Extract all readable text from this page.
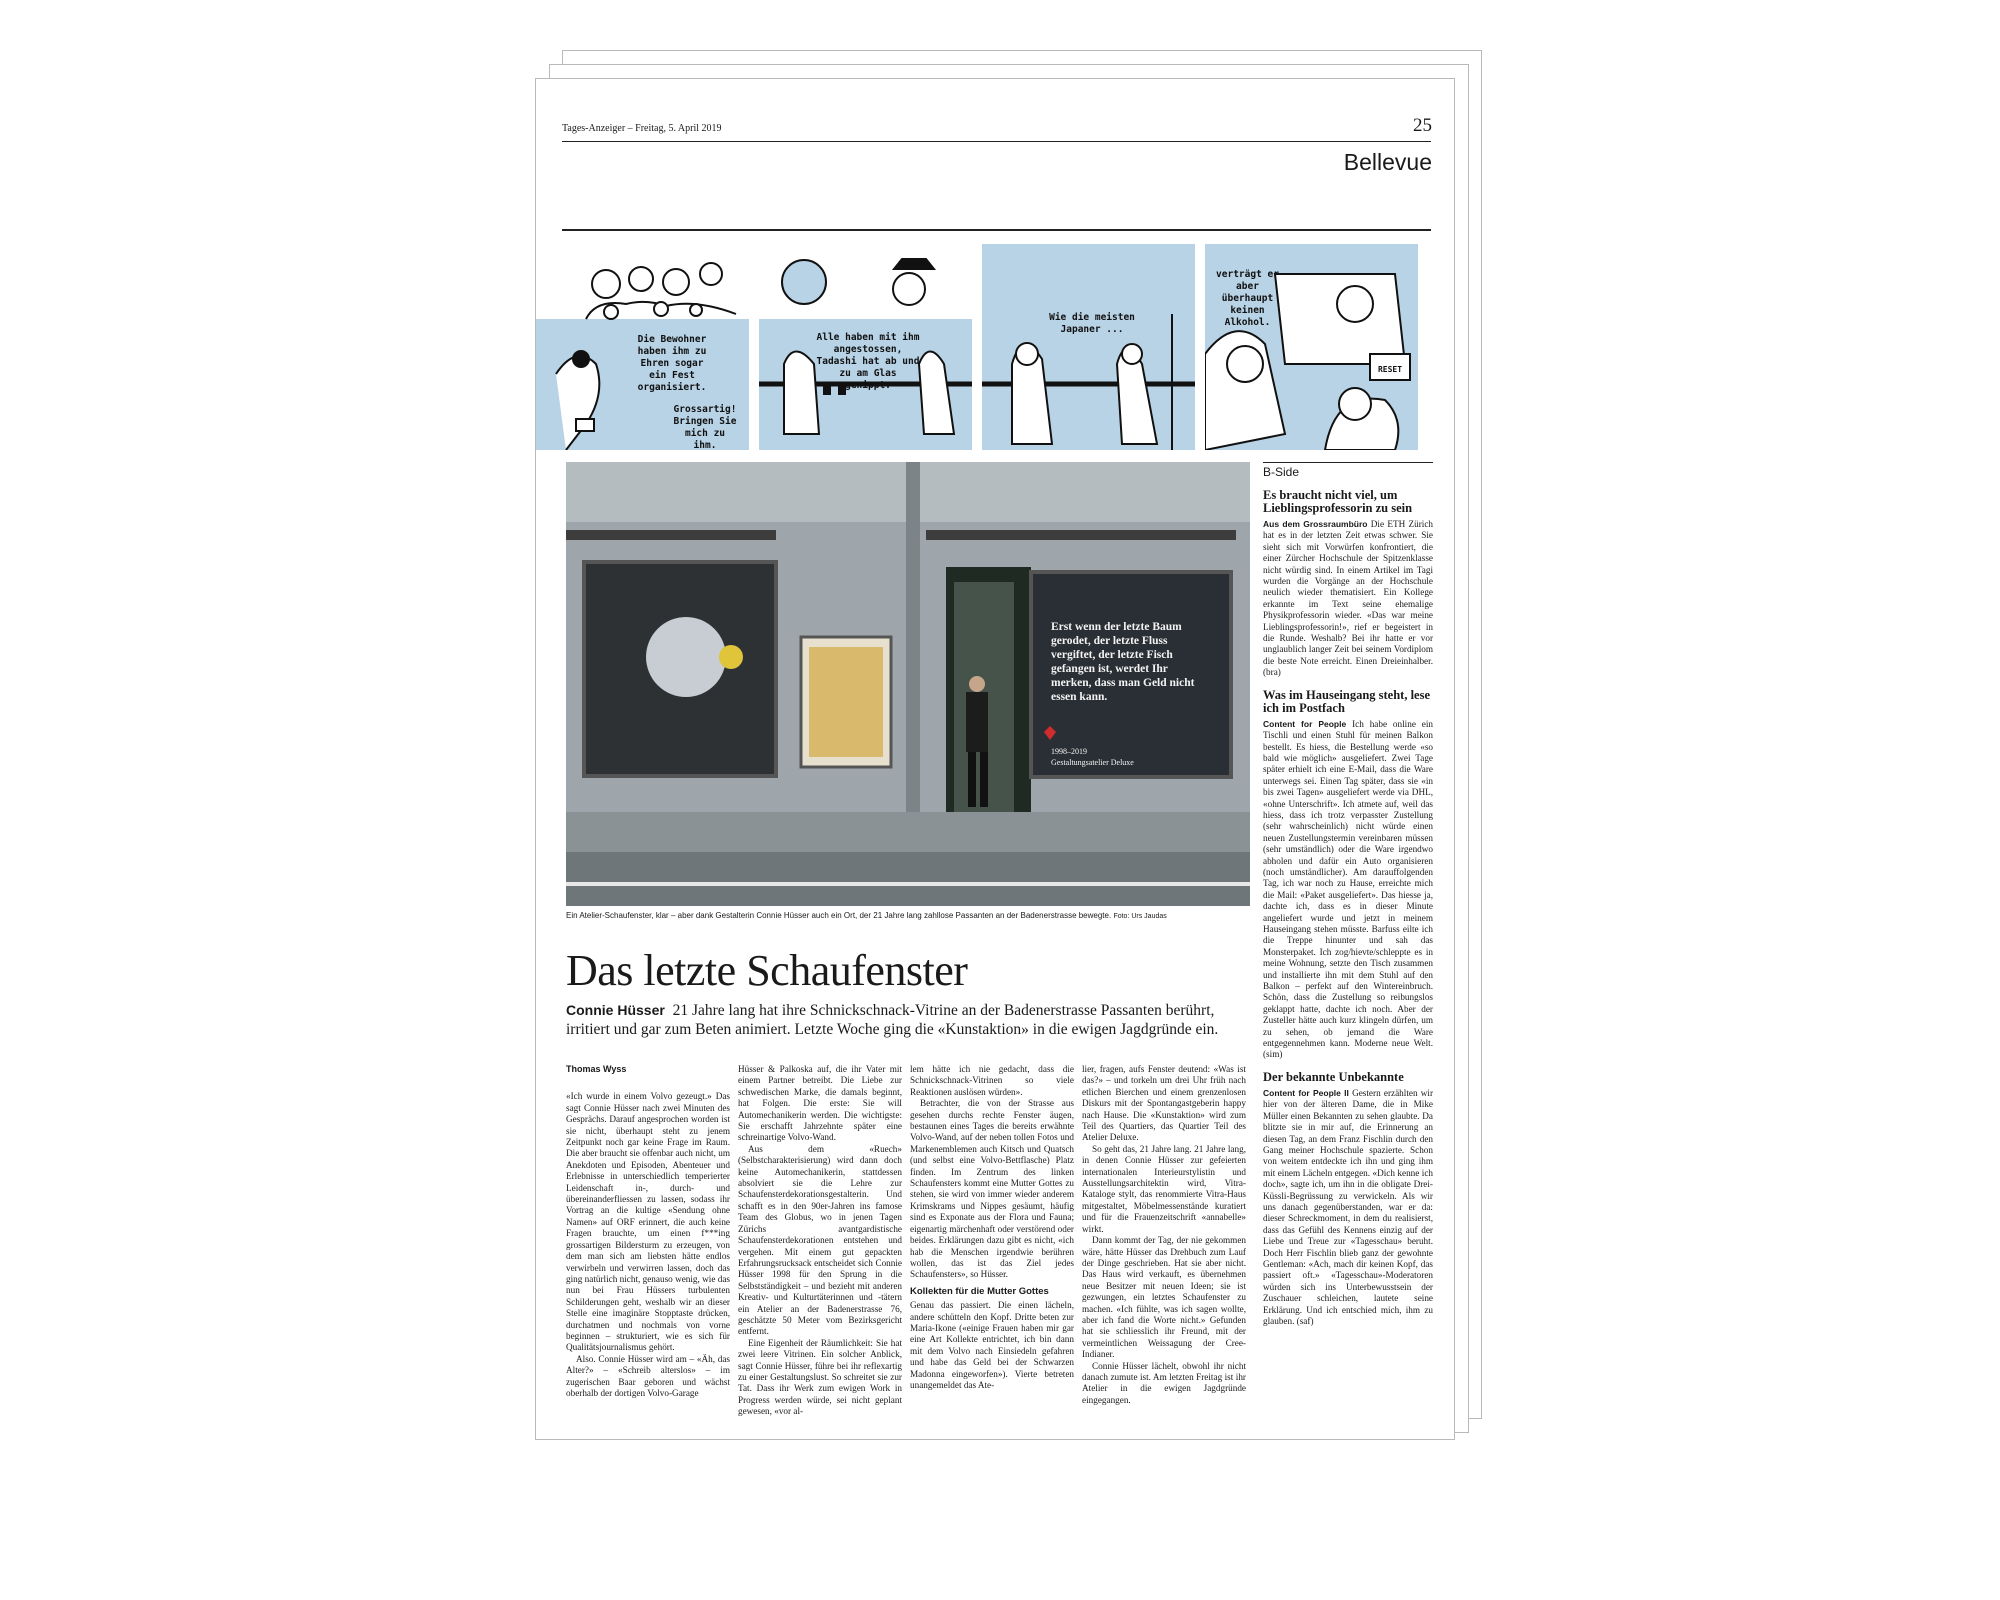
Tages-Anzeiger – Freitag, 5. April 2019	25
Bellevue
Die Bewohner haben ihm zu Ehren sogar ein Fest organisiert.
Grossartig! Bringen Sie mich zu ihm.
Alle haben mit ihm angestossen, Tadashi hat ab und zu am Glas genippt.
Wie die meisten Japaner ...
verträgt er aber überhaupt keinen Alkohol.
RESET
Erst wenn der letzte Baum gerodet, der letzte Fluss vergiftet, der letzte Fisch gefangen ist, werdet Ihr merken, dass man Geld nicht essen kann.
1998–2019
Gestaltungsatelier Deluxe
Ein Atelier-Schaufenster, klar – aber dank Gestalterin Connie Hüsser auch ein Ort, der 21 Jahre lang zahllose Passanten an der Badenerstrasse bewegte. Foto: Urs Jaudas
Das letzte Schaufenster
Connie Hüsser 21 Jahre lang hat ihre Schnickschnack-Vitrine an der Badenerstrasse Passanten berührt, irritiert und gar zum Beten animiert. Letzte Woche ging die «Kunstaktion» in die ewigen Jagdgründe ein.

Thomas Wyss

«Ich wurde in einem Volvo gezeugt.» Das sagt Connie Hüsser nach zwei Minuten des Gesprächs. Darauf angesprochen worden ist sie nicht, überhaupt steht zu jenem Zeitpunkt noch gar keine Frage im Raum. Die aber braucht sie offenbar auch nicht, um Anekdoten und Episoden, Abenteuer und Erlebnisse in unterschiedlich temperierter Leidenschaft in-, durch- und übereinanderfliessen zu lassen, sodass ihr Vortrag an die kultige «Sendung ohne Namen» auf ORF erinnert, die auch keine Fragen brauchte, um einen f***ing grossartigen Bildersturm zu erzeugen, von dem man sich am liebsten hätte endlos verwirbeln und verwirren lassen, doch das ging natürlich nicht, genauso wenig, wie das nun bei Frau Hüssers turbulenten Schilderungen geht, weshalb wir an dieser Stelle eine imaginäre Stopptaste drücken, durchatmen und nochmals von vorne beginnen – strukturiert, wie es sich für Qualitätsjournalismus gehört.

Also. Connie Hüsser wird am – «Äh, das Alter?» – «Schreib alterslos» – im zugerischen Baar geboren und wächst oberhalb der dortigen Volvo-Garage

Hüsser & Palkoska auf, die ihr Vater mit einem Partner betreibt. Die Liebe zur schwedischen Marke, die damals beginnt, hat Folgen. Die erste: Sie will Automechanikerin werden. Die wichtigste: Sie erschafft Jahrzehnte später eine schreinartige Volvo-Wand.

Aus dem «Ruech» (Selbstcharakterisierung) wird dann doch keine Automechanikerin, stattdessen absolviert sie die Lehre zur Schaufensterdekorationsgestalterin. Und schafft es in den 90er-Jahren ins famose Team des Globus, wo in jenen Tagen Zürichs avantgardistische Schaufensterdekorationen entstehen und vergehen. Mit einem gut gepackten Erfahrungsrucksack entscheidet sich Connie Hüsser 1998 für den Sprung in die Selbstständigkeit – und bezieht mit anderen Kreativ- und Kulturtäterinnen und -tätern ein Atelier an der Badenerstrasse 76, geschätzte 50 Meter vom Bezirksgericht entfernt.

Eine Eigenheit der Räumlichkeit: Sie hat zwei leere Vitrinen. Ein solcher Anblick, sagt Connie Hüsser, führe bei ihr reflexartig zu einer Gestaltungslust. So schreitet sie zur Tat. Dass ihr Werk zum ewigen Work in Progress werden würde, sei nicht geplant gewesen, «vor al-

lem hätte ich nie gedacht, dass die Schnickschnack-Vitrinen so viele Reaktionen auslösen würden».

Betrachter, die von der Strasse aus gesehen durchs rechte Fenster äugen, bestaunen eines Tages die bereits erwähnte Volvo-Wand, auf der neben tollen Fotos und Markenemblemen auch Kitsch und Quatsch (und selbst eine Volvo-Bettflasche) Platz finden. Im Zentrum des linken Schaufensters kommt eine Mutter Gottes zu stehen, sie wird von immer wieder anderem Krimskrams und Nippes gesäumt, häufig sind es Exponate aus der Flora und Fauna; eigenartig märchenhaft oder verstörend oder beides. Erklärungen dazu gibt es nicht, «ich hab die Menschen irgendwie berühren wollen, das ist das Ziel jedes Schaufensters», so Hüsser.

Kollekten für die Mutter Gottes

Genau das passiert. Die einen lächeln, andere schütteln den Kopf. Dritte beten zur Maria-Ikone («einige Frauen haben mir gar eine Art Kollekte entrichtet, ich bin dann mit dem Volvo nach Einsiedeln gefahren und habe das Geld bei der Schwarzen Madonna eingeworfen»). Vierte betreten unangemeldet das Ate-

lier, fragen, aufs Fenster deutend: «Was ist das?» – und torkeln um drei Uhr früh nach etlichen Bierchen und einem grenzenlosen Diskurs mit der Spontangastgeberin happy nach Hause. Die «Kunstaktion» wird zum Teil des Quartiers, das Quartier Teil des Atelier Deluxe.

So geht das, 21 Jahre lang. 21 Jahre lang, in denen Connie Hüsser zur gefeierten internationalen Interieurstylistin und Ausstellungsarchitektin wird, Vitra-Kataloge stylt, das renommierte Vitra-Haus mitgestaltet, Möbelmessenstände kuratiert und für die Frauenzeitschrift «annabelle» wirkt.

Dann kommt der Tag, der nie gekommen wäre, hätte Hüsser das Drehbuch zum Lauf der Dinge geschrieben. Hat sie aber nicht. Das Haus wird verkauft, es übernehmen neue Besitzer mit neuen Ideen; sie ist gezwungen, ein letztes Schaufenster zu machen. «Ich fühlte, was ich sagen wollte, aber ich fand die Worte nicht.» Gefunden hat sie schliesslich ihr Freund, mit der vermeintlichen Weissagung der Cree-Indianer.

Connie Hüsser lächelt, obwohl ihr nicht danach zumute ist. Am letzten Freitag ist ihr Atelier in die ewigen Jagdgründe eingegangen.

B-Side
Es braucht nicht viel, um Lieblingsprofessorin zu sein

Aus dem Grossraumbüro Die ETH Zürich hat es in der letzten Zeit etwas schwer. Sie sieht sich mit Vorwürfen konfrontiert, die einer Zürcher Hochschule der Spitzenklasse nicht würdig sind. In einem Artikel im Tagi wurden die Vorgänge an der Hochschule neulich wieder thematisiert. Ein Kollege erkannte im Text seine ehemalige Physikprofessorin wieder. «Das war meine Lieblingsprofessorin!», rief er begeistert in die Runde. Weshalb? Bei ihr hatte er vor unglaublich langer Zeit bei seinem Vordiplom die beste Note erreicht. Einen Dreieinhalber. (bra)

Was im Hauseingang steht, lese ich im Postfach

Content for People Ich habe online ein Tischli und einen Stuhl für meinen Balkon bestellt. Es hiess, die Bestellung werde «so bald wie möglich» ausgeliefert. Zwei Tage später erhielt ich eine E-Mail, dass die Ware unterwegs sei. Einen Tag später, dass sie «in bis zwei Tagen» ausgeliefert werde via DHL, «ohne Unterschrift». Ich atmete auf, weil das hiess, dass ich trotz verpasster Zustellung (sehr wahrscheinlich) nicht würde einen neuen Zustellungstermin vereinbaren müssen (sehr umständlich) oder die Ware irgendwo abholen und dafür ein Auto organisieren (noch umständlicher). Am darauffolgenden Tag, ich war noch zu Hause, erreichte mich die Mail: «Paket ausgeliefert». Das hiesse ja, dachte ich, dass es in dieser Minute angeliefert wurde und jetzt in meinem Hauseingang stehen müsste. Barfuss eilte ich die Treppe hinunter und sah das Monsterpaket. Ich zog/hievte/schleppte es in meine Wohnung, setzte den Tisch zusammen und installierte ihn mit dem Stuhl auf den Balkon – perfekt auf den Wintereinbruch. Schön, dass die Zustellung so reibungslos geklappt hatte, dachte ich noch. Aber der Zusteller hätte auch kurz klingeln dürfen, um zu sehen, ob jemand die Ware entgegennehmen kann. Moderne neue Welt. (sim)

Der bekannte Unbekannte

Content for People II Gestern erzählten wir hier von der älteren Dame, die in Mike Müller einen Bekannten zu sehen glaubte. Da blitzte sie in mir auf, die Erinnerung an diesen Tag, an dem Franz Fischlin durch den Gang meiner Hochschule spazierte. Schon von weitem entdeckte ich ihn und ging ihm mit einem Lächeln entgegen. «Dich kenne ich doch», sagte ich, um ihn in die obligate Drei-Küssli-Begrüssung zu verwickeln. Als wir uns danach gegenüberstanden, war er da: dieser Schreckmoment, in dem du realisierst, dass das Gefühl des Kennens einzig auf der Liebe und Treue zur «Tagesschau» beruht. Doch Herr Fischlin blieb ganz der gewohnte Gentleman: «Ach, mach dir keinen Kopf, das passiert oft.» «Tagesschau»-Moderatoren würden sich ins Unterbewusstsein der Zuschauer schleichen, lautete seine Erklärung. Und ich entschied mich, ihm zu glauben. (saf)
